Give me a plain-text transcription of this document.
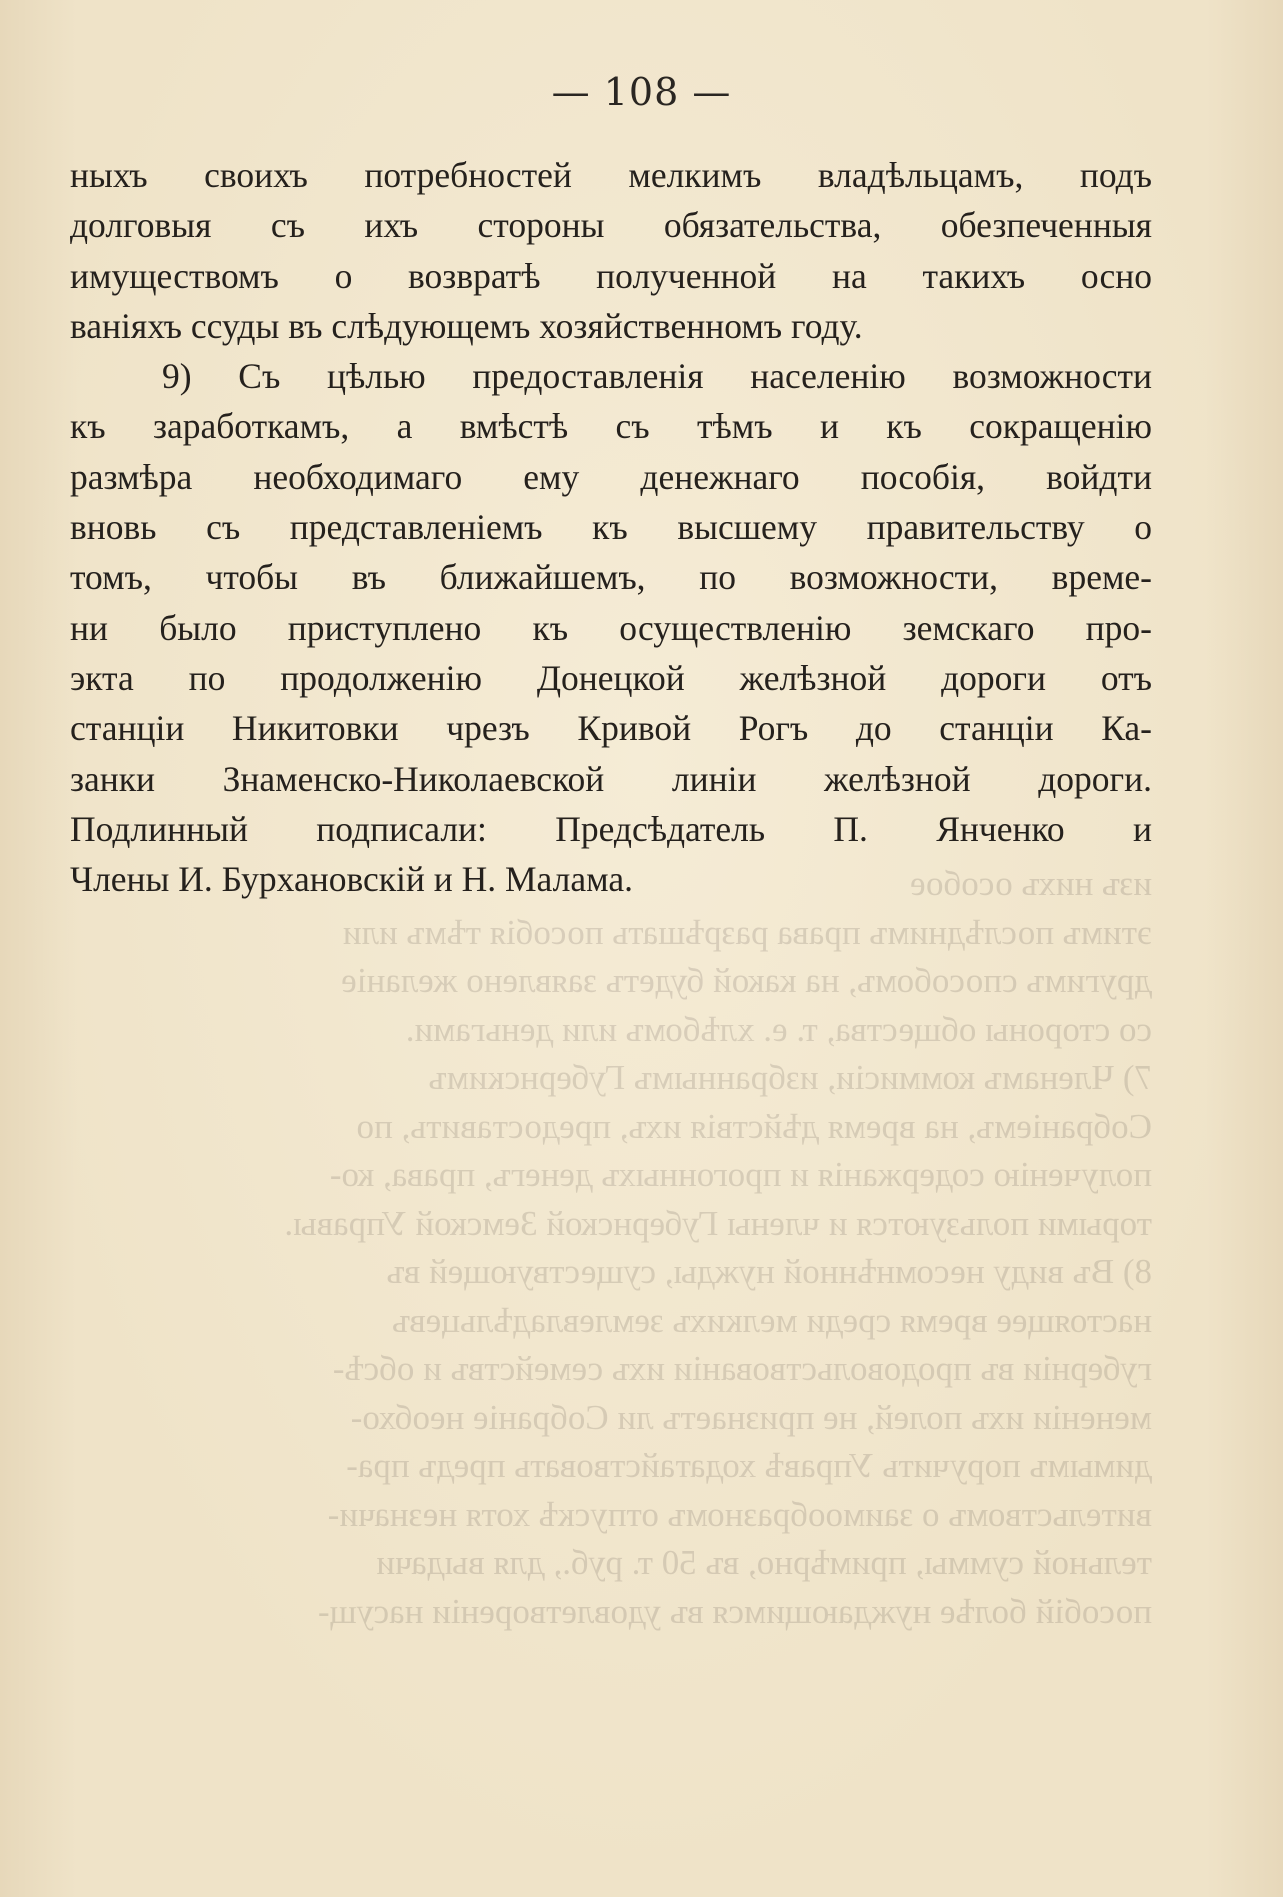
изъ нихъ особое
этимъ послѣднимъ права разрѣшать пособія тѣмъ или
другимъ способомъ, на какой будетъ заявлено желаніе
со стороны общества, т. е. хлѣбомъ или деньгами.
7) Членамъ коммисіи, избраннымъ Губернскимъ
Собраніемъ, на время дѣйствія ихъ, предоставить, по
полученію содержанія и прогонныхъ денегъ, права, ко-
торыми пользуются и члены Губернской Земской Управы.
8) Въ виду несомнѣнной нужды, существующей въ
настоящее время среди мелкихъ землевладѣльцевъ
губерніи въ продовольствованіи ихъ семействъ и обсѣ-
мененіи ихъ полей, не признаетъ ли Собраніе необхо-
димымъ поручить Управѣ ходатайствовать предъ пра-
вительствомъ о заимообразномъ отпускѣ хотя незначи-
тельной суммы, примѣрно, въ 50 т. руб., для выдачи
пособій болѣе нуждающимся въ удовлетвореніи насущ-
— 108 —
ныхъ своихъ потребностей мелкимъ владѣльцамъ, подъ
долговыя съ ихъ стороны обязательства, обезпеченныя
имуществомъ о возвратѣ полученной на такихъ осно
ваніяхъ ссуды въ слѣдующемъ хозяйственномъ году.
9) Съ цѣлью предоставленія населенію возможности
къ заработкамъ, а вмѣстѣ съ тѣмъ и къ сокращенію
размѣра необходимаго ему денежнаго пособія, войдти
вновь съ представленіемъ къ высшему правительству о
томъ, чтобы въ ближайшемъ, по возможности, време-
ни было приступлено къ осуществленію земскаго про-
экта по продолженію Донецкой желѣзной дороги отъ
станціи Никитовки чрезъ Кривой Рогъ до станціи Ка-
занки Знаменско-Николаевской линіи желѣзной дороги.
Подлинный подписали: Предсѣдатель П. Янченко и
Члены И. Бурхановскій и Н. Малама.
